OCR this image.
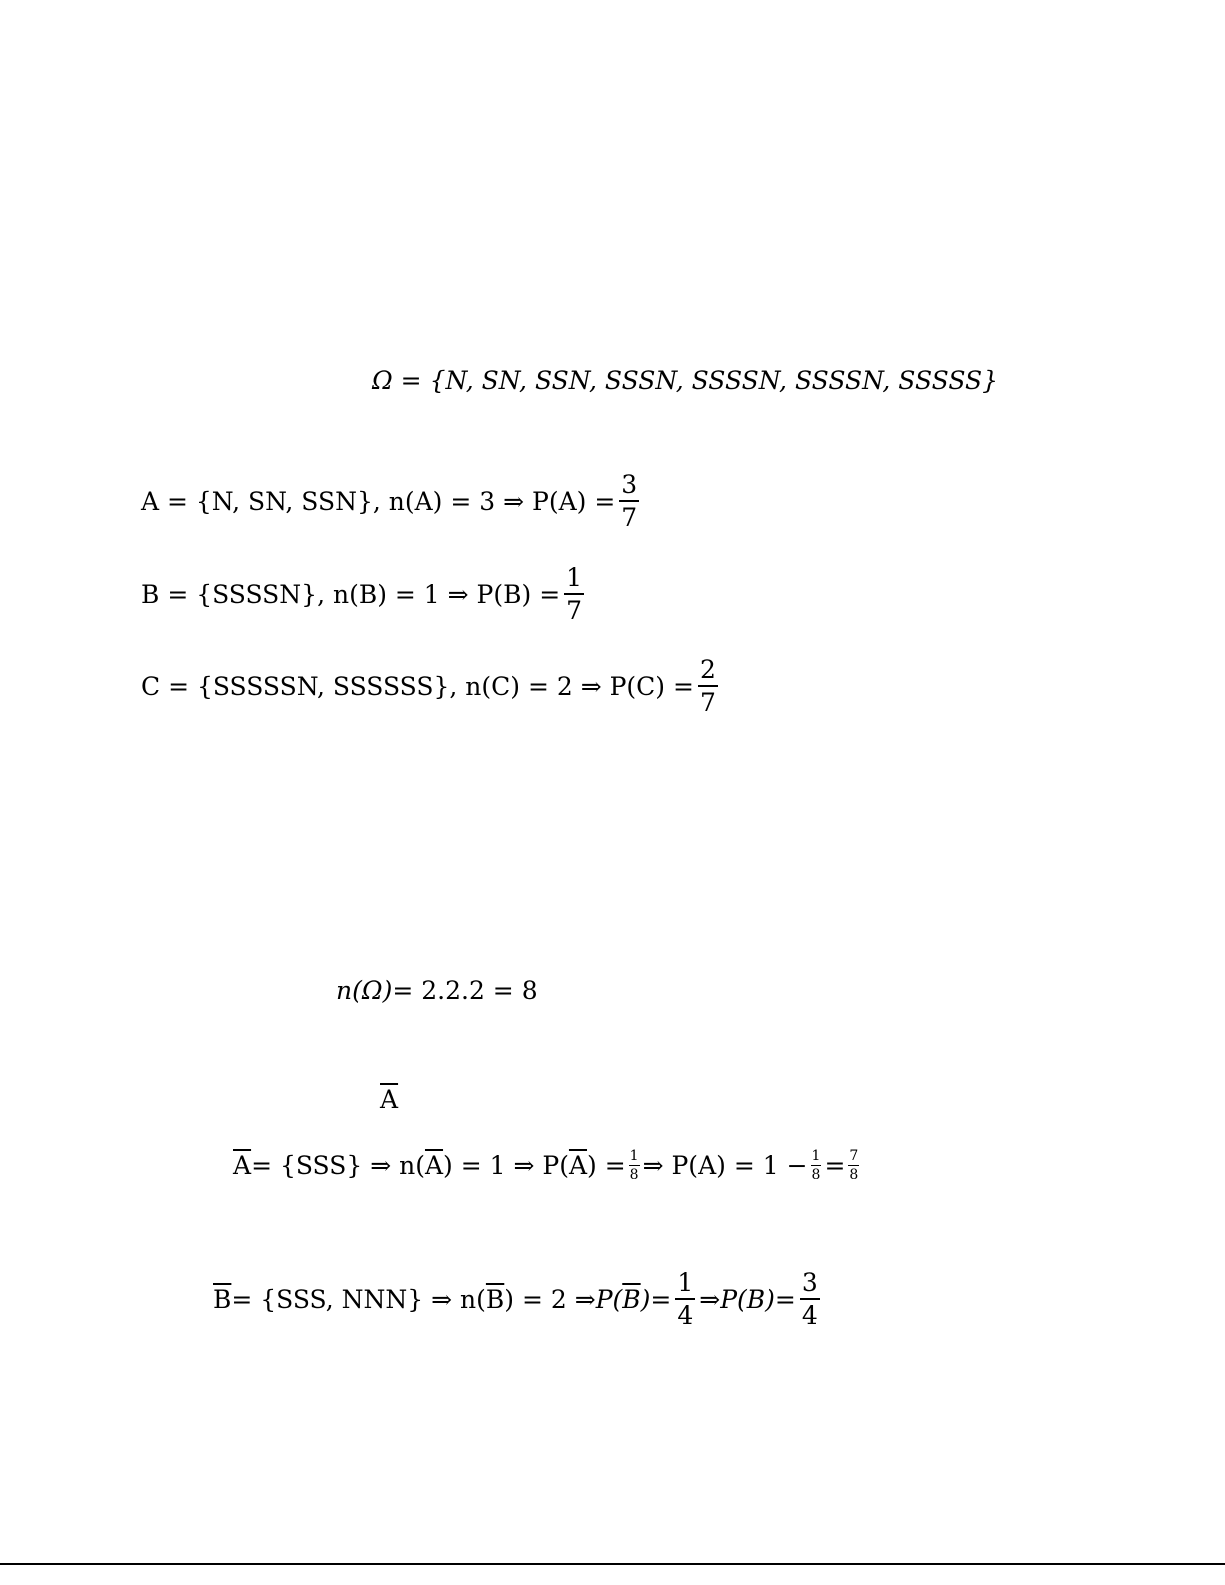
Ω = {N, SN, SSN, SSSN, SSSSN, SSSSN, SSSSS}
A = {N, SN, SSN}, n(A) = 3 ⇒ $P(A) = \frac{3}{7}$
B = {SSSSN}, n(B) = 1 ⇒ $P(B) = \frac{1}{7}$
C = {SSSSSN, SSSSSS}, n(C) = 2 ⇒ $P(C) = \frac{2}{7}$
n(Ω) = 2.2.2 = 8
$\overline{A}$
$\overline{A} = \{SSS\}$ ⇒ n( $\overline{A}$ ) = 1 ⇒ P( $\overline{A}$ ) = $\frac{1}{8}$ ⇒ $P(A) = 1 - \frac{1}{8} = \frac{7}{8}$
$\overline{B} = \{SSS$, NNN} ⇒ n( $\overline{B}$ ) = 2 ⇒ P( $\overline{B}$ ) = $\frac{1}{4}$ ⇒ $P(B) = \frac{3}{4}$
